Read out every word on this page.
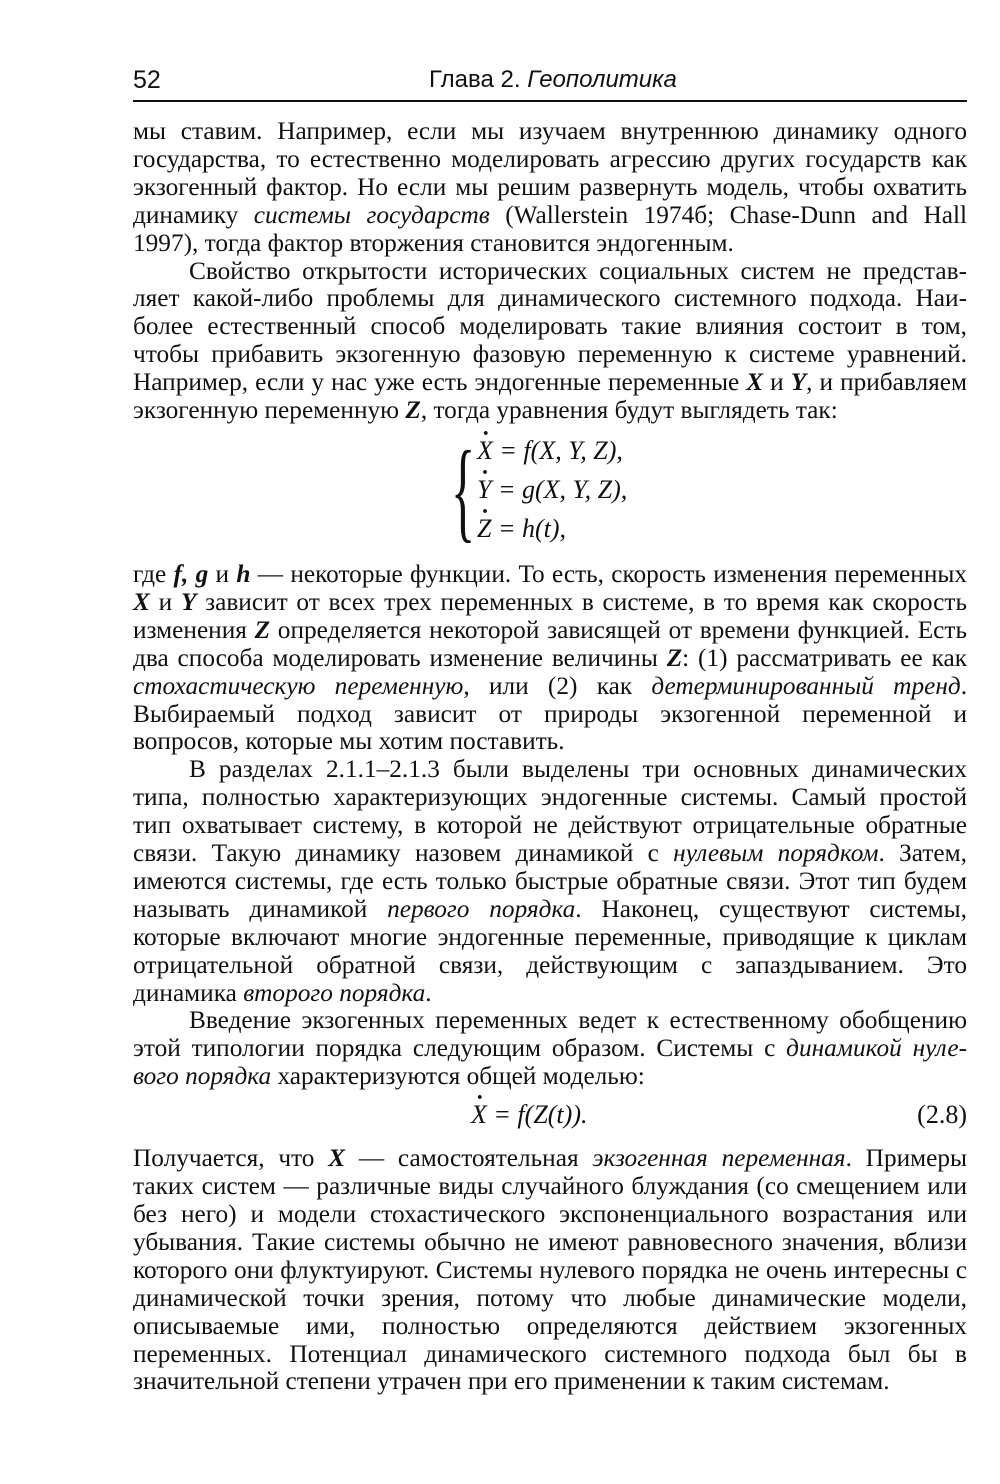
52	Глава 2. Геополитика

мы ставим. Например, если мы изучаем внутреннюю динамику одного государства, то естественно моделировать агрессию других государств как экзогенный фактор. Но если мы решим развернуть модель, чтобы охватить динамику системы государств (Wallerstein 1974б; Chase-Dunn and Hall 1997), тогда фактор вторжения становится эндогенным.

Свойство открытости исторических социальных систем не представляет какой-либо проблемы для динамического системного подхода. Наиболее естественный способ моделировать такие влияния состоит в том, чтобы прибавить экзогенную фазовую переменную к системе уравнений. Например, если у нас уже есть эндогенные переменные X и Y, и прибавляем экзогенную переменную Z, тогда уравнения будут выглядеть так:

{ X · = f(X, Y, Z),
Y · = g(X, Y, Z),
Z · = h(t),

где f, g и h — некоторые функции. То есть, скорость изменения переменных X и Y зависит от всех трех переменных в системе, в то время как скорость изменения Z определяется некоторой зависящей от времени функцией. Есть два способа моделировать изменение величины Z: (1) рассматривать ее как стохастическую переменную, или (2) как детерминированный тренд. Выбираемый подход зависит от природы экзогенной переменной и вопросов, которые мы хотим поставить.

В разделах 2.1.1–2.1.3 были выделены три основных динамических типа, полностью характеризующих эндогенные системы. Самый простой тип охватывает систему, в которой не действуют отрицательные обратные связи. Такую динамику назовем динамикой с нулевым порядком. Затем, имеются системы, где есть только быстрые обратные связи. Этот тип будем называть динамикой первого порядка. Наконец, существуют системы, которые включают многие эндогенные переменные, приводящие к циклам отрицательной обратной связи, действующим с запаздыванием. Это динамика второго порядка.

Введение экзогенных переменных ведет к естественному обобщению этой типологии порядка следующим образом. Системы с динамикой нулевого порядка характеризуются общей моделью:

X · = f(Z(t)).	(2.8)

Получается, что X — самостоятельная экзогенная переменная. Примеры таких систем — различные виды случайного блуждания (со смещением или без него) и модели стохастического экспоненциального возрастания или убывания. Такие системы обычно не имеют равновесного значения, вблизи которого они флуктуируют. Системы нулевого порядка не очень интересны с динамической точки зрения, потому что любые динамические модели, описываемые ими, полностью определяются действием экзогенных переменных. Потенциал динамического системного подхода был бы в значительной степени утрачен при его применении к таким системам.
